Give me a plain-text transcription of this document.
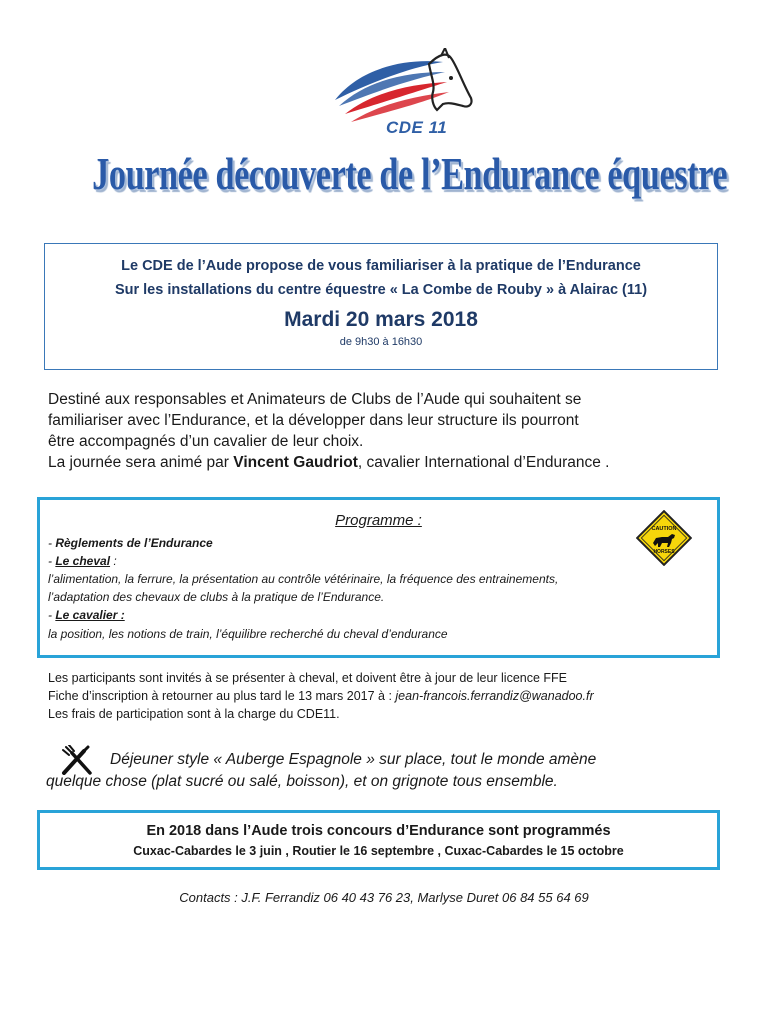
CDE 11
Journée découverte de l’Endurance équestre
Le CDE de l’Aude propose de vous familiariser à la pratique de l’Endurance
Sur les installations du centre équestre « La Combe de Rouby » à Alairac (11)
Mardi 20 mars 2018
de 9h30 à 16h30
Destiné aux responsables et Animateurs de Clubs de l’Aude qui souhaitent se
familiariser avec l’Endurance, et la développer dans leur structure ils pourront
être accompagnés d’un cavalier de leur choix.
La journée sera animé par Vincent Gaudriot, cavalier International d’Endurance .
Programme :	CAUTION
HORSES
- Règlements de l’Endurance
- Le cheval :
l’alimentation, la ferrure, la présentation au contrôle vétérinaire, la fréquence des entrainements,
l’adaptation des chevaux de clubs à la pratique de l’Endurance.
- Le cavalier :
la position, les notions de train, l’équilibre recherché du cheval d’endurance
Les participants sont invités à se présenter à cheval, et doivent être à jour de leur licence FFE
Fiche d’inscription à retourner au plus tard le 13 mars 2017 à : jean-francois.ferrandiz@wanadoo.fr
Les frais de participation sont à la charge du CDE11.
Déjeuner style « Auberge Espagnole » sur place, tout le monde amène
quelque chose (plat sucré ou salé, boisson), et on grignote tous ensemble.
En 2018 dans l’Aude trois concours d’Endurance sont programmés
Cuxac-Cabardes le 3 juin , Routier le 16 septembre , Cuxac-Cabardes le 15 octobre
Contacts : J.F. Ferrandiz 06 40 43 76 23, Marlyse Duret 06 84 55 64 69
